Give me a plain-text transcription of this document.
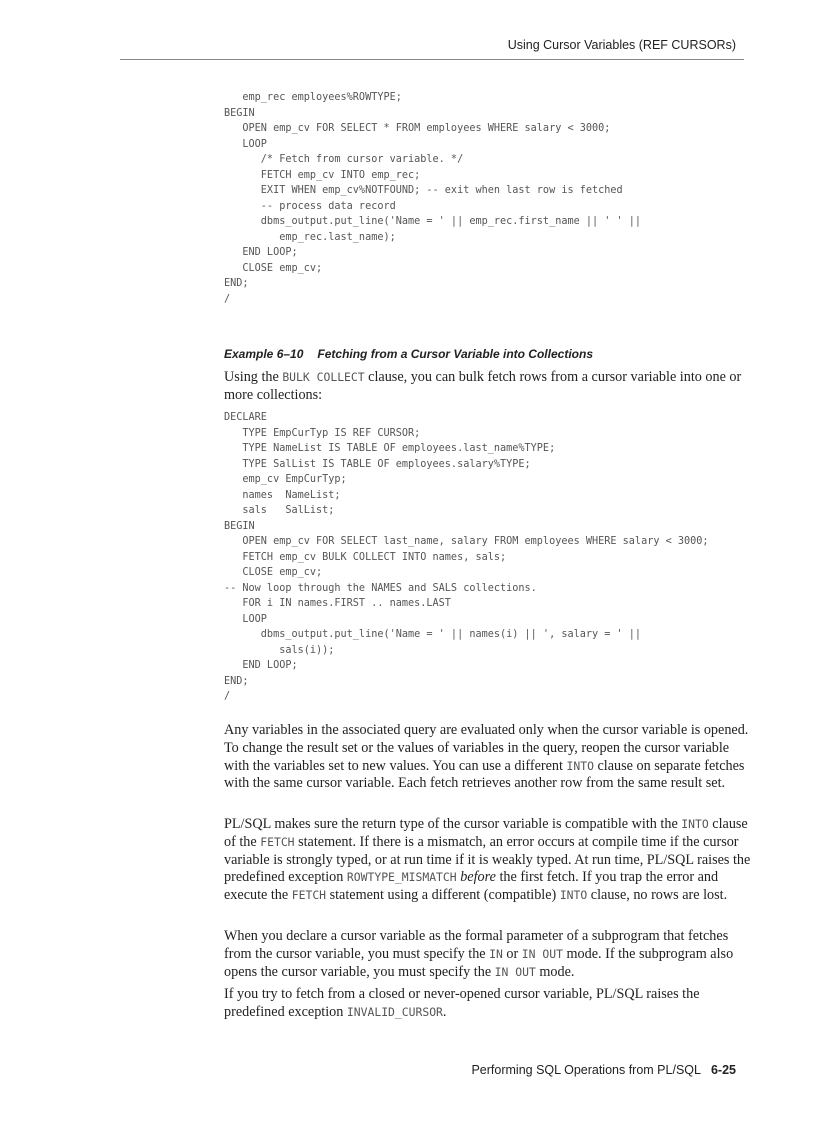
Using Cursor Variables (REF CURSORs)
emp_rec employees%ROWTYPE;
BEGIN
OPEN emp_cv FOR SELECT * FROM employees WHERE salary < 3000;
LOOP
/* Fetch from cursor variable. */
FETCH emp_cv INTO emp_rec;
EXIT WHEN emp_cv%NOTFOUND; -- exit when last row is fetched
-- process data record
dbms_output.put_line('Name = ' || emp_rec.first_name || ' ' ||
emp_rec.last_name);
END LOOP;
CLOSE emp_cv;
END;
/
Example 6–10 Fetching from a Cursor Variable into Collections

Using the BULK COLLECT clause, you can bulk fetch rows from a cursor variable into one or more collections:

DECLARE
TYPE EmpCurTyp IS REF CURSOR;
TYPE NameList IS TABLE OF employees.last_name%TYPE;
TYPE SalList IS TABLE OF employees.salary%TYPE;
emp_cv EmpCurTyp;
names  NameList;
sals   SalList;
BEGIN
OPEN emp_cv FOR SELECT last_name, salary FROM employees WHERE salary < 3000;
FETCH emp_cv BULK COLLECT INTO names, sals;
CLOSE emp_cv;
-- Now loop through the NAMES and SALS collections.
FOR i IN names.FIRST .. names.LAST
LOOP
dbms_output.put_line('Name = ' || names(i) || ', salary = ' ||
sals(i));
END LOOP;
END;
/

Any variables in the associated query are evaluated only when the cursor variable is opened. To change the result set or the values of variables in the query, reopen the cursor variable with the variables set to new values. You can use a different INTO clause on separate fetches with the same cursor variable. Each fetch retrieves another row from the same result set.

PL/SQL makes sure the return type of the cursor variable is compatible with the INTO clause of the FETCH statement. If there is a mismatch, an error occurs at compile time if the cursor variable is strongly typed, or at run time if it is weakly typed. At run time, PL/SQL raises the predefined exception ROWTYPE_MISMATCH before the first fetch. If you trap the error and execute the FETCH statement using a different (compatible) INTO clause, no rows are lost.

When you declare a cursor variable as the formal parameter of a subprogram that fetches from the cursor variable, you must specify the IN or IN OUT mode. If the subprogram also opens the cursor variable, you must specify the IN OUT mode.

If you try to fetch from a closed or never-opened cursor variable, PL/SQL raises the predefined exception INVALID_CURSOR.

Performing SQL Operations from PL/SQL 6-25
